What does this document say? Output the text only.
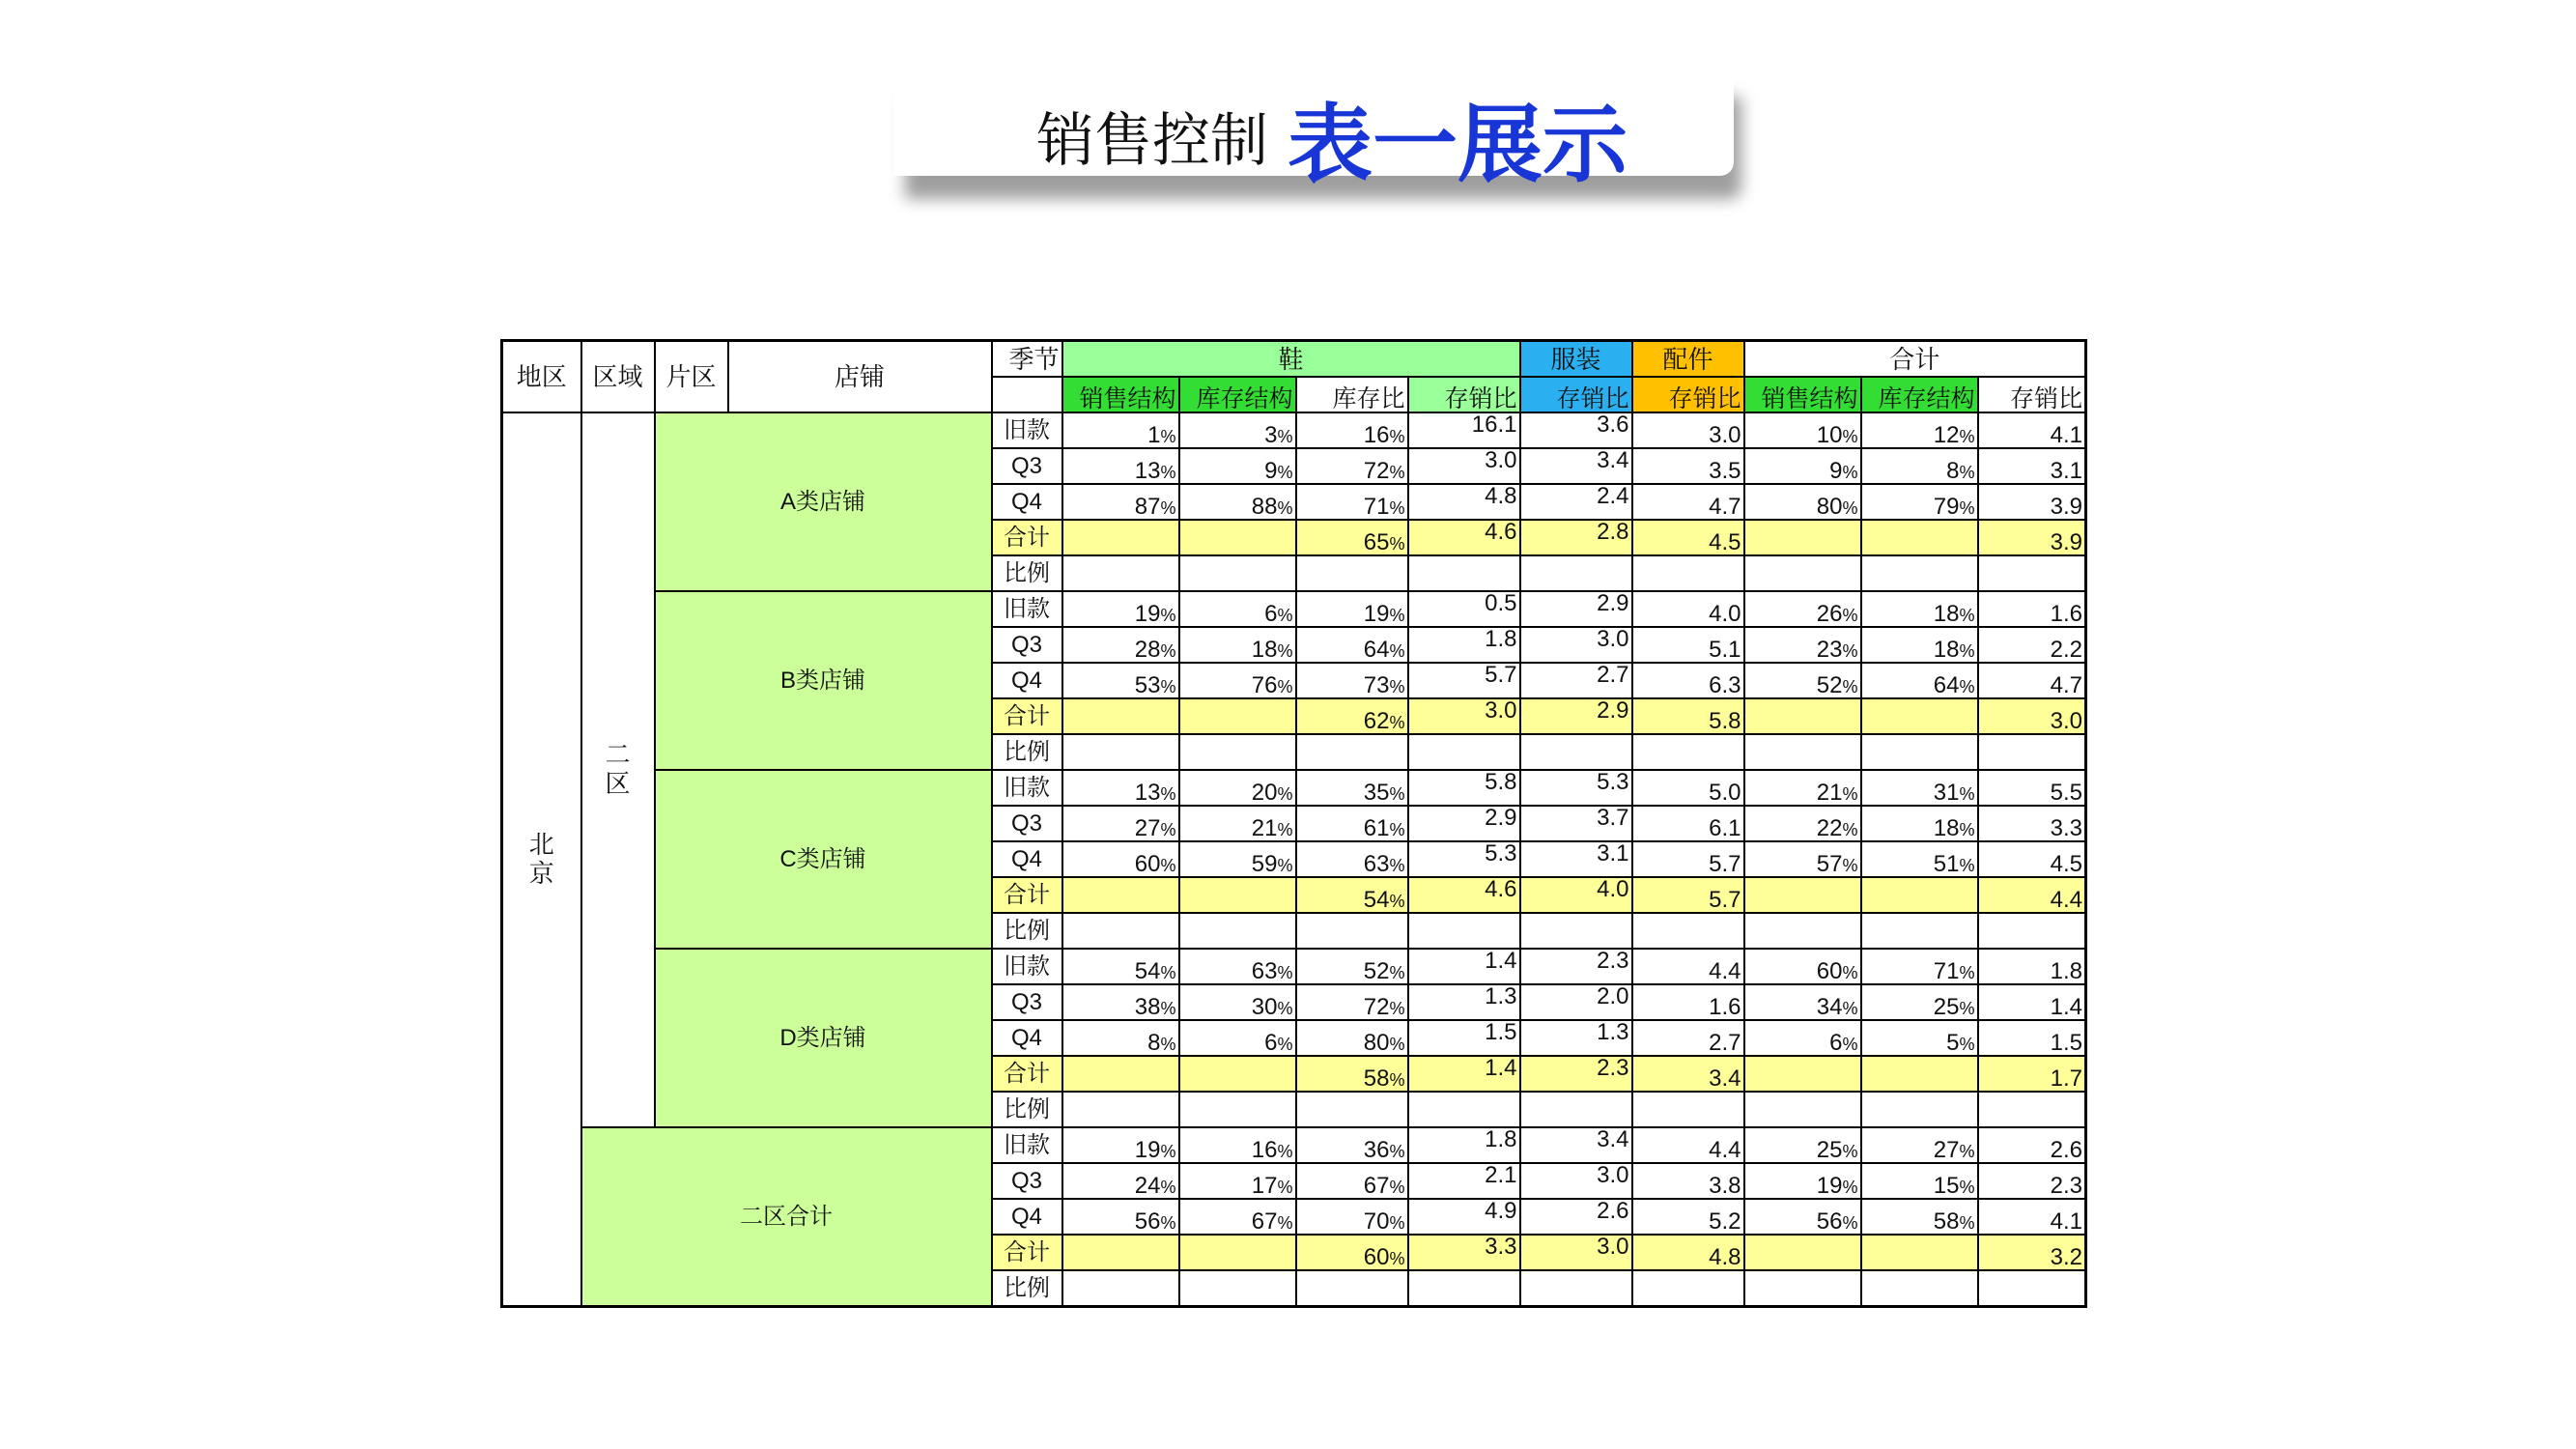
销售控制 表一展示
地区	区域	片区	店铺	季节	鞋				服装	配件	合计		
					销售结构	库存结构	库存比	存销比	存销比	存销比	销售结构	库存结构	存销比
北京	二区	A类店铺		旧款	1%	3%	16%	16.1	3.6	3.0	10%	12%	4.1
				Q3	13%	9%	72%	3.0	3.4	3.5	9%	8%	3.1
				Q4	87%	88%	71%	4.8	2.4	4.7	80%	79%	3.9
				合计			65%	4.6	2.8	4.5			3.9
				比例									
		B类店铺		旧款	19%	6%	19%	0.5	2.9	4.0	26%	18%	1.6
				Q3	28%	18%	64%	1.8	3.0	5.1	23%	18%	2.2
				Q4	53%	76%	73%	5.7	2.7	6.3	52%	64%	4.7
				合计			62%	3.0	2.9	5.8			3.0
				比例									
		C类店铺		旧款	13%	20%	35%	5.8	5.3	5.0	21%	31%	5.5
				Q3	27%	21%	61%	2.9	3.7	6.1	22%	18%	3.3
				Q4	60%	59%	63%	5.3	3.1	5.7	57%	51%	4.5
				合计			54%	4.6	4.0	5.7			4.4
				比例									
		D类店铺		旧款	54%	63%	52%	1.4	2.3	4.4	60%	71%	1.8
				Q3	38%	30%	72%	1.3	2.0	1.6	34%	25%	1.4
				Q4	8%	6%	80%	1.5	1.3	2.7	6%	5%	1.5
				合计			58%	1.4	2.3	3.4			1.7
				比例									
	二区合计			旧款	19%	16%	36%	1.8	3.4	4.4	25%	27%	2.6
				Q3	24%	17%	67%	2.1	3.0	3.8	19%	15%	2.3
				Q4	56%	67%	70%	4.9	2.6	5.2	56%	58%	4.1
				合计			60%	3.3	3.0	4.8			3.2
				比例									
